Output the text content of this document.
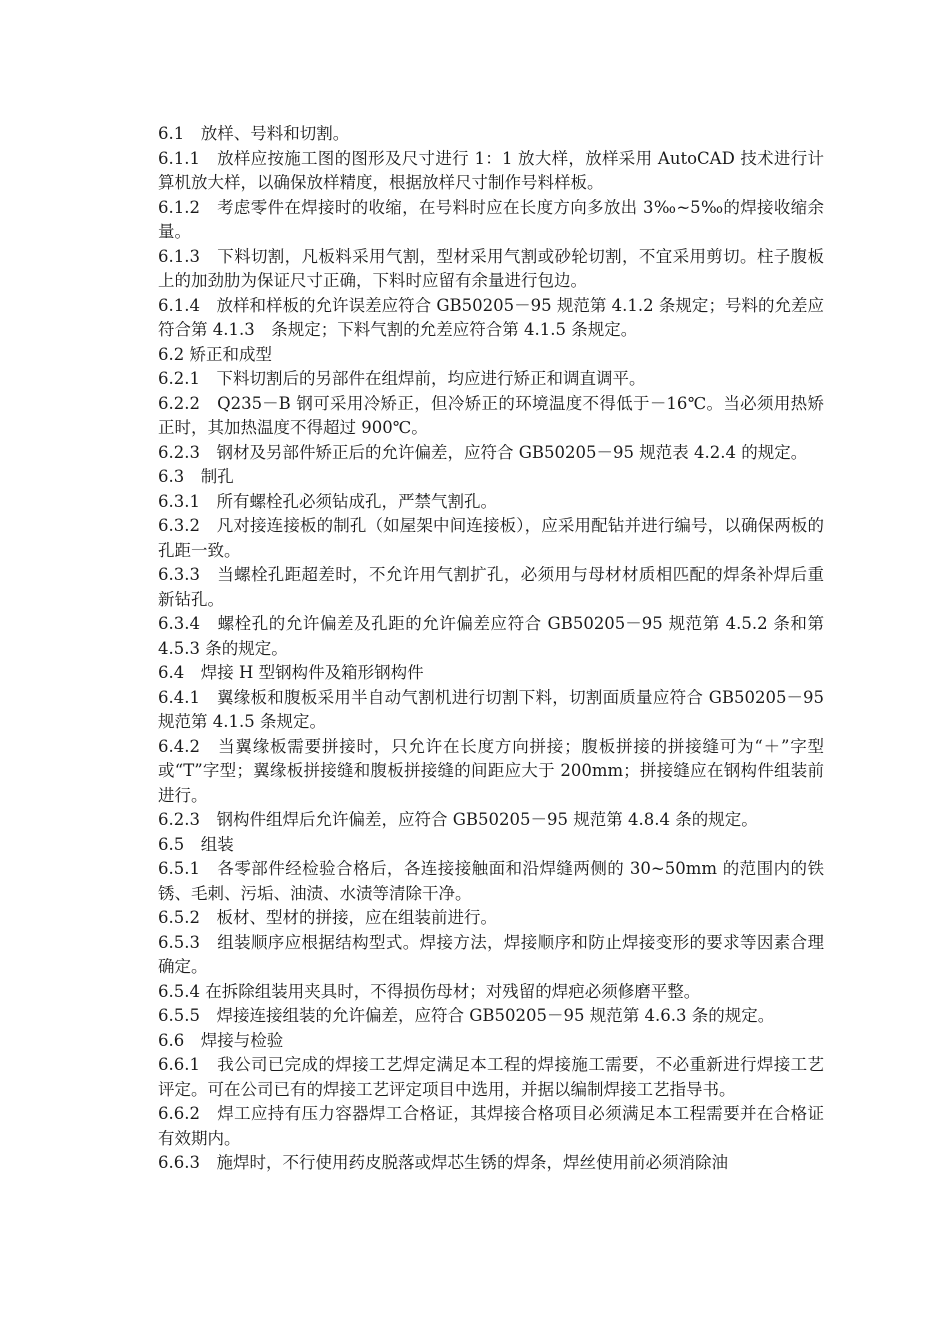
6.1　放样、号料和切割。

6.1.1　放样应按施工图的图形及尺寸进行 1：1 放大样，放样采用 AutoCAD 技术进行计算机放大样，以确保放样精度，根据放样尺寸制作号料样板。

6.1.2　考虑零件在焊接时的收缩，在号料时应在长度方向多放出 3‰~5‰的焊接收缩余量。

6.1.3　下料切割，凡板料采用气割，型材采用气割或砂轮切割，不宜采用剪切。柱子腹板上的加劲肋为保证尺寸正确，下料时应留有余量进行包边。

6.1.4　放样和样板的允许误差应符合 GB50205－95 规范第 4.1.2 条规定；号料的允差应符合第 4.1.3　条规定；下料气割的允差应符合第 4.1.5 条规定。

6.2 矫正和成型

6.2.1　下料切割后的另部件在组焊前，均应进行矫正和调直调平。

6.2.2　Q235－B 钢可采用冷矫正，但冷矫正的环境温度不得低于－16℃。当必须用热矫正时，其加热温度不得超过 900℃。

6.2.3　钢材及另部件矫正后的允许偏差，应符合 GB50205－95 规范表 4.2.4 的规定。

6.3　制孔

6.3.1　所有螺栓孔必须钻成孔，严禁气割孔。

6.3.2　凡对接连接板的制孔（如屋架中间连接板），应采用配钻并进行编号，以确保两板的孔距一致。

6.3.3　当螺栓孔距超差时，不允许用气割扩孔，必须用与母材材质相匹配的焊条补焊后重新钻孔。

6.3.4　螺栓孔的允许偏差及孔距的允许偏差应符合 GB50205－95 规范第 4.5.2 条和第 4.5.3 条的规定。

6.4　焊接 H 型钢构件及箱形钢构件

6.4.1　翼缘板和腹板采用半自动气割机进行切割下料，切割面质量应符合 GB50205－95 规范第 4.1.5 条规定。

6.4.2　当翼缘板需要拼接时，只允许在长度方向拼接；腹板拼接的拼接缝可为“＋”字型或“T”字型；翼缘板拼接缝和腹板拼接缝的间距应大于 200mm；拼接缝应在钢构件组装前进行。

6.2.3　钢构件组焊后允许偏差，应符合 GB50205－95 规范第 4.8.4 条的规定。

6.5　组装

6.5.1　各零部件经检验合格后，各连接接触面和沿焊缝两侧的 30~50mm 的范围内的铁锈、毛刺、污垢、油渍、水渍等清除干净。

6.5.2　板材、型材的拼接，应在组装前进行。

6.5.3　组装顺序应根据结构型式。焊接方法，焊接顺序和防止焊接变形的要求等因素合理确定。

6.5.4 在拆除组装用夹具时，不得损伤母材；对残留的焊疤必须修磨平整。

6.5.5　焊接连接组装的允许偏差，应符合 GB50205－95 规范第 4.6.3 条的规定。

6.6　焊接与检验

6.6.1　我公司已完成的焊接工艺焊定满足本工程的焊接施工需要，不必重新进行焊接工艺评定。可在公司已有的焊接工艺评定项目中选用，并据以编制焊接工艺指导书。

6.6.2　焊工应持有压力容器焊工合格证，其焊接合格项目必须满足本工程需要并在合格证有效期内。

6.6.3　施焊时，不行使用药皮脱落或焊芯生锈的焊条，焊丝使用前必须消除油
